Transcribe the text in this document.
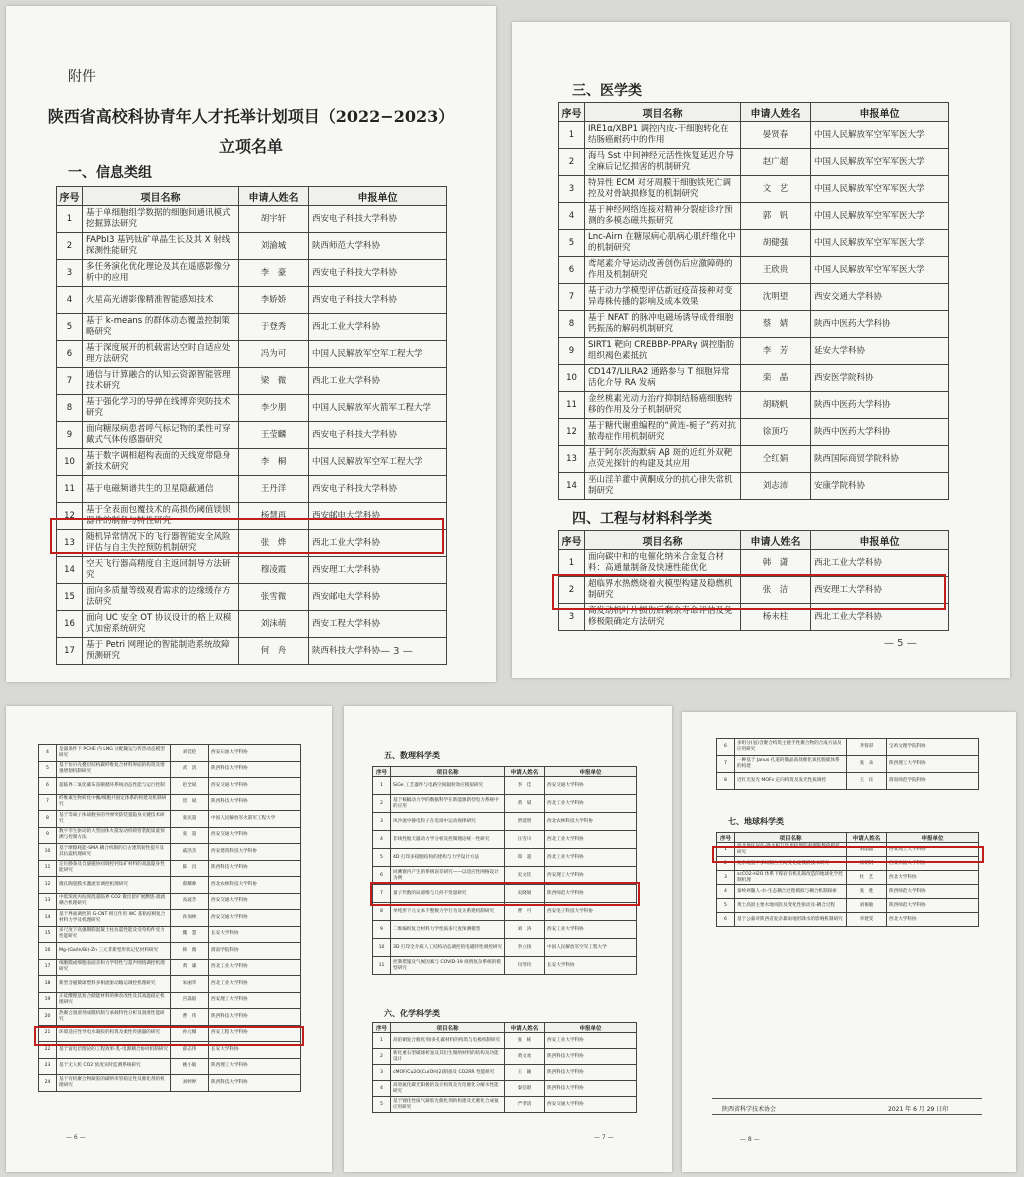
附件
陕西省高校科协青年人才托举计划项目（2022−2023）
立项名单
一、信息类组
序号	项目名称	申请人姓名	申报单位
1	基于单细胞组学数据的细胞间通讯模式挖掘算法研究	胡宇轩	西安电子科技大学科协
2	FAPbI3 基钙钛矿单晶生长及其 X 射线探测性能研究	刘渝城	陕西师范大学科协
3	多任务演化优化理论及其在遥感影像分析中的应用	李　豪	西安电子科技大学科协
4	火星高光谱影像精准智能感知技术	李娇娇	西安电子科技大学科协
5	基于 k-means 的群体动态覆盖控制策略研究	于登秀	西北工业大学科协
6	基于深度展开的机载雷达空时自适应处理方法研究	冯为可	中国人民解放军空军工程大学
7	通信与计算融合的认知云资源智能管理技术研究	梁　微	西北工业大学科协
8	基于强化学习的导弹在线博弈突防技术研究	李少朋	中国人民解放军火箭军工程大学
9	面向糖尿病患者呼气标记物的柔性可穿戴式气体传感器研究	王莹麟	西安电子科技大学科协
10	基于数字调相超构表面的天线宽带隐身新技术研究	李　桐	中国人民解放军空军工程大学
11	基于电磁频谱共生的卫星隐蔽通信	王丹洋	西安电子科技大学科协
12	基于全表面包覆技术的高损伤阈值镁钡器件的制备与特性研究	杨慧再	西安邮电大学科协
13	随机异常情况下的飞行器智能安全风险评估与自主失控预防机制研究	张　烨	西北工业大学科协
14	空天飞行器高精度自主返回制导方法研究	穆凌霞	西安理工大学科协
15	面向多质量等级观看需求的边缘缓存方法研究	张雪微	西安邮电大学科协
16	面向 UC 安全 OT 协议设计的格上双模式加密系统研究	刘沫萌	西安工程大学科协
17	基于 Petri 网理论的智能制造系统故障预测研究	何　舟	陕西科技大学科协 — 3 —
三、医学类
序号	项目名称	申请人姓名	申报单位
1	IRE1α/XBP1 调控内皮-干细胞转化在结肠癌耐药中的作用	晏贤春	中国人民解放军空军军医大学
2	海马 Sst 中间神经元活性恢复延迟介导全麻后记忆损害的机制研究	赵广超	中国人民解放军空军军医大学
3	特异性 ECM 对牙周膜干细胞铁死亡调控及对骨缺损修复的机制研究	文　艺	中国人民解放军空军军医大学
4	基于神经网络连接对精神分裂症诊疗预测的多模态磁共振研究	郭　钒	中国人民解放军空军军医大学
5	Lnc-Airn 在糖尿病心肌病心肌纤维化中的机制研究	胡健强	中国人民解放军空军军医大学
6	鸢尾素介导运动改善创伤后应激障碍的作用及机制研究	王欣贵	中国人民解放军空军军医大学
7	基于动力学模型评估新冠疫苗接种对变异毒株传播的影响及成本效果	沈明望	西安交通大学科协
8	基于 NFAT 的脉冲电磁场诱导成骨细胞钙振荡的解码机制研究	蔡　婧	陕西中医药大学科协
9	SIRT1 靶向 CREBBP-PPARγ 调控脂肪组织褐色素抵抗	李　芳	延安大学科协
10	CD147/LILRA2 通路参与 T 细胞异常活化介导 RA 发病	栾　晶	西安医学院科协
11	金丝桃素光动力治疗抑制结肠癌细胞转移的作用及分子机制研究	胡晓帆	陕西中医药大学科协
12	基于糖代谢重编程的“黄连-栀子”药对抗脓毒症作用机制研究	徐顶巧	陕西中医药大学科协
13	基于阿尔茨海默病 Aβ 斑的近红外双靶点荧光探针的构建及其应用	仝红娟	陕西国际商贸学院科协
14	巫山淫羊藿中黄酮成分的抗心律失常机制研究	刘志沛	安康学院科协
四、工程与材料科学类
序号	项目名称	申请人姓名	申报单位
1	面向碳中和的电催化纳米合金复合材料：高通量制备及快速性能优化	韩　潇	西北工业大学科协
2	超临界水热燃烧着火模型构建及稳燃机制研究	张　洁	西安理工大学科协
3	高发动机叶片损伤后剩余寿命评估及免修极限确定方法研究	杨未柱	西北工业大学科协
— 5 —
4	是器条件下 PCHE 内 LNG 分配输运与传热动态模型研究	刘佳伦	西安石油大学科协
5	基于仿贝壳叠层结构碳纤维复合材料界面的构筑及增强增韧机制研究	武　清	陕西科技大学科协
6	超临界二氧化碳布雷顿循环系统动态性能与运行控制	赵全斌	西安交通大学科协
7	纤维素生物转化中酶/细胞共固定体系的构建及机制研究	贺　斌	陕西科技大学科协
8	基于等离子体战舰身的导弹突防装置隐身关键技术研究	张民超	中国人民解放军火箭军工程大学
9	数字孪生驱动的大型固体火箭发动机喷管装配质量预测与控制方法	张　超	西安交通大学科协
10	基于摩擦耗能-SMA 耦合机制的自古建筑韧性提升及其抗震机理研究	戚浩杰	西安建筑科技大学科协
11	定位静条及自旋磁协同调控钙钛矿材料的高温隐身性能研究	陈　昌	陕西科技大学科协
12	微孔陶瓷膜水激流泵调控机理研究	蔡耀帅	西北农林科技大学科协
13	中低浓度丙烷预混超临界 CO2 微出留扩展燃烧-湍流耦合机理研究	高波芳	西安交通大学科协
14	基于界面调控的 G-CNT 相互作用 WC 基粘结相复合材料力学及机理研究	孙加林	西安交通大学科协
15	多尺度下高强钢筋混凝土柱抗震性能及受弯构件受力性能研究	魏　慧	长安大学科协
16	Mg-(Ga/In/Bi)-Zn 三元非新型形状记忆材料研究	韩　薇	渭南学院科协
17	细胞膜或细胞表面亲和力学特性与超声网络调控机理研究	黄　谦	西北工业大学科协
18	新型含磁微球塑料多相流驱动输运调控机理研究	朱丽华	西北工业大学科协
19	正硅酸锂基复合储能材料的掺杂改性及其高温稳定机理研究	宫淼韬	西安理工大学科协
20	热聚合润滑剂成膜机制与承载特性分析及润滑性能研究	曹　伟	陕西科技大学科协
21	环境适应性导电水凝胶的构筑及柔性传感器的研究	孙元娜	西安工程大学科协
22	基于富电层理论的工程效果-乳-电源耦合协同机制研究	薛志伟	长安大学科协
23	基于无人机 CO2 浓度实时监测系统研究	姚小敏	陕西理工大学科协
24	基于有机聚合物凝胶的碳纳米管稳定性及催化剂的机理研究	刘婷婷	陕西科技大学科协
— 6 —
五、数理科学类
序号	项目名称	申请人姓名	申报单位
1	SiGe 工艺器件与电路空间辐射效应模拟研究	李　佳	西安交通大学科协
2	基于核幅动力学的数据科学在新能源新型电力系统中的应用	黄　斌	西北工业大学科协
3	风沙流中静电粒子在电场中运动规律研究	贾延明	西北农林科技大学科协
4	非线性航天器动力学分析及控制理论统一性研究	汪雪川	西北工业大学科协
5	4D 打印多稳胞结构的建构与力学设计方法	郑　超	西北工业大学科协
6	回溯窗内产生的系统误差研究——以适应性网格设计为例	史文钦	西安理工大学科协
7	量子代数的局部维与几何不变量研究	史晓娟	陕西师范大学科协
8	单纯形下元文本不整数力学行为及关系建机制研究	曹　可	西安电子科技大学科协
9	二维编织复合材料力学性质多尺度预测模型	刘　涛	西安工业大学科协
10	3D 打印全介质人工结构动态调控的电磁特性调控研究	李立扬	中国人民解放军空军工程大学
11	控制措施及气候因素与 COVID-19 疫情复杂系统的模型研究	闫琴玲	长安大学科协
六、化学科学类
序号	项目名称	申请人姓名	申报单位
1	高铂铜复合催化剂/多孔碳材料的构筑与电极机制研究	张　栋	西安工业大学科协
2	新化重石型碳球析氢及其衍生微纳材料的结构及功能设计	黄文欢	陕西科技大学科协
3	cMOF/Cu2O(Cu(OH)2)制备及 CO2RR 性能研究	王　颖	陕西科技大学科协
4	高效氮化碳光阳极的设计构筑及光电催化分解水性能研究	秦信昭	陕西科技大学科协
5	基于锂化性质气凝胶光催化剂的构建及光催化合成氨应用研究	严孝清	西安交通大学科协
— 7 —
6	多组分(氢)含聚合构筑主链手性聚合物的合成方法及应用研究	齐蓉彩	宝鸡文理学院科协
7	一种基于 Janus 孔道的微晶高效催化氧化脱硫体系的构建	张　朵	陕西理工大学科协
8	近红光发光 MOFs 定向构筑及发光性质调控	王　珏	渭南师范学院科协
七、地球科学类
序号	项目名称	申请人姓名	申报单位
1	西北地区居住-降水相互作用机理的观测和数值模拟研究	刘晶晶	西安理工大学科协
2	复杂地貌下多场耦合空间变化建模测技术研究	徐朝纲	西安石油大学科协
3	scCO2-H2O 体系下煤岩有机孔隙改造的地球化学控制机理	杜　艺	西北大学科协
4	秦岭鸡髓人-水-生态耦合过程模拟与耦合机制探索	张　胜	陕西师范大学科协
5	黄土高原主要水地风险及变化性驱动及-耦合过程	刘俊敏	陕西师范大学科协
6	基于公募对陕西省复杂暴雨地形降水的影响机制研究	李建雯	西北大学科协
陕西省科学技术协会	2021 年 6 月 29 日印
— 8 —
